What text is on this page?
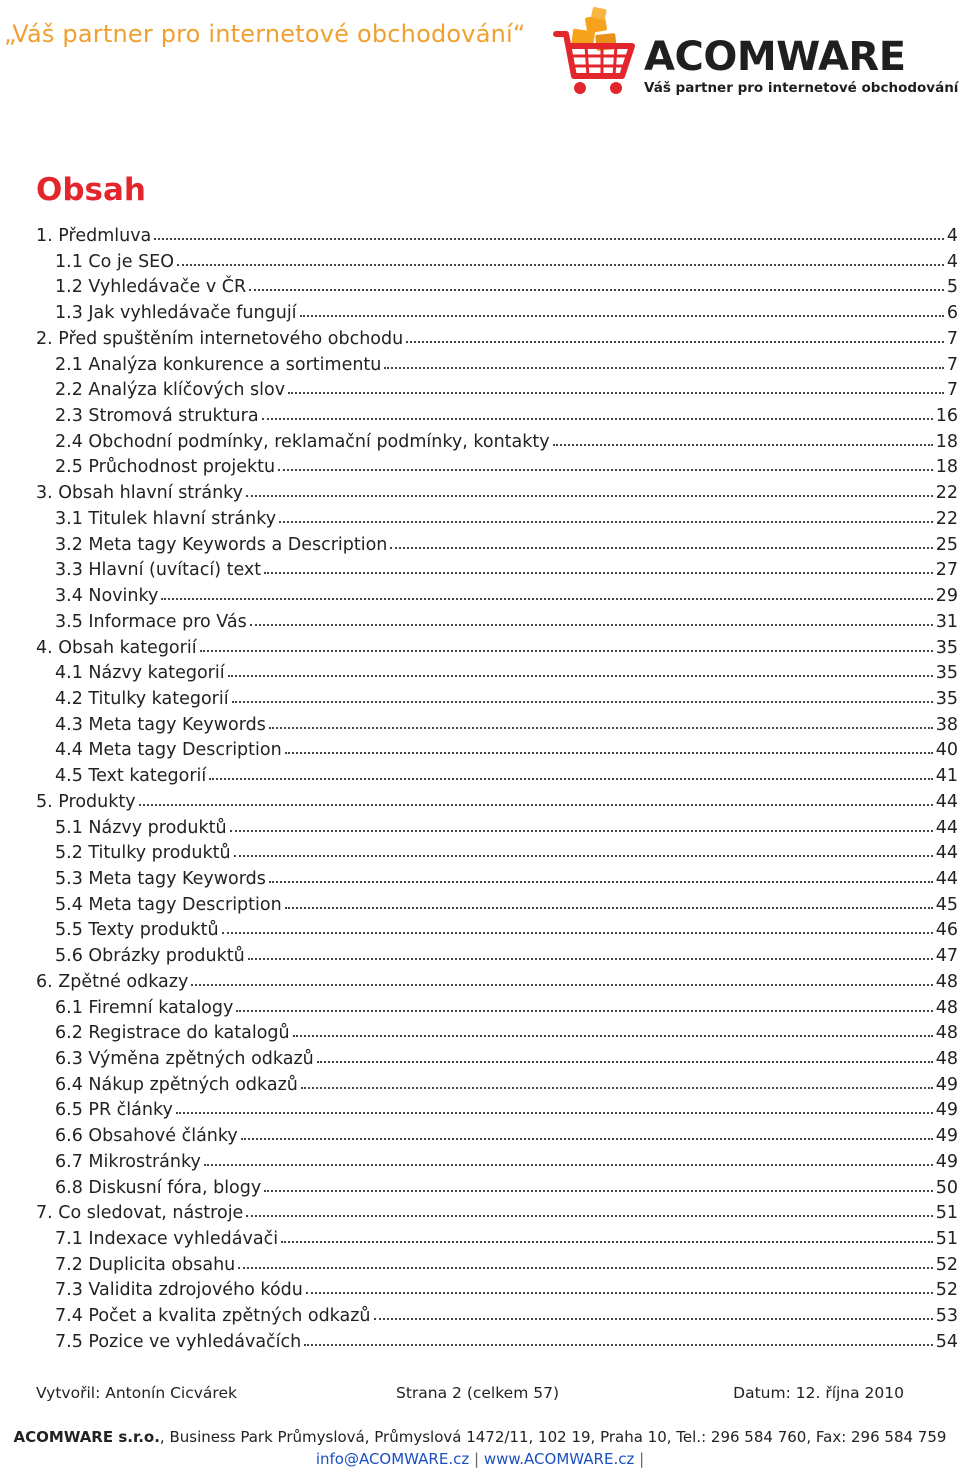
„Váš partner pro internetové obchodování“	ACOMWARE
Váš partner pro internetové obchodování
Obsah
1. Předmluva	4
1.1 Co je SEO	4
1.2 Vyhledávače v ČR	5
1.3 Jak vyhledávače fungují	6
2. Před spuštěním internetového obchodu	7
2.1 Analýza konkurence a sortimentu	7
2.2 Analýza klíčových slov	7
2.3 Stromová struktura	16
2.4 Obchodní podmínky, reklamační podmínky, kontakty	18
2.5 Průchodnost projektu	18
3. Obsah hlavní stránky	22
3.1 Titulek hlavní stránky	22
3.2 Meta tagy Keywords a Description	25
3.3 Hlavní (uvítací) text	27
3.4 Novinky	29
3.5 Informace pro Vás	31
4. Obsah kategorií	35
4.1 Názvy kategorií	35
4.2 Titulky kategorií	35
4.3 Meta tagy Keywords	38
4.4 Meta tagy Description	40
4.5 Text kategorií	41
5. Produkty	44
5.1 Názvy produktů	44
5.2 Titulky produktů	44
5.3 Meta tagy Keywords	44
5.4 Meta tagy Description	45
5.5 Texty produktů	46
5.6 Obrázky produktů	47
6. Zpětné odkazy	48
6.1 Firemní katalogy	48
6.2 Registrace do katalogů	48
6.3 Výměna zpětných odkazů	48
6.4 Nákup zpětných odkazů	49
6.5 PR články	49
6.6 Obsahové články	49
6.7 Mikrostránky	49
6.8 Diskusní fóra, blogy	50
7. Co sledovat, nástroje	51
7.1 Indexace vyhledávači	51
7.2 Duplicita obsahu	52
7.3 Validita zdrojového kódu	52
7.4 Počet a kvalita zpětných odkazů	53
7.5 Pozice ve vyhledávačích	54
Vytvořil: Antonín Cicvárek	Strana 2 (celkem 57)	Datum: 12. října 2010
ACOMWARE s.r.o., Business Park Průmyslová, Průmyslová 1472/11, 102 19, Praha 10, Tel.: 296 584 760, Fax: 296 584 759
info@ACOMWARE.cz | www.ACOMWARE.cz |
